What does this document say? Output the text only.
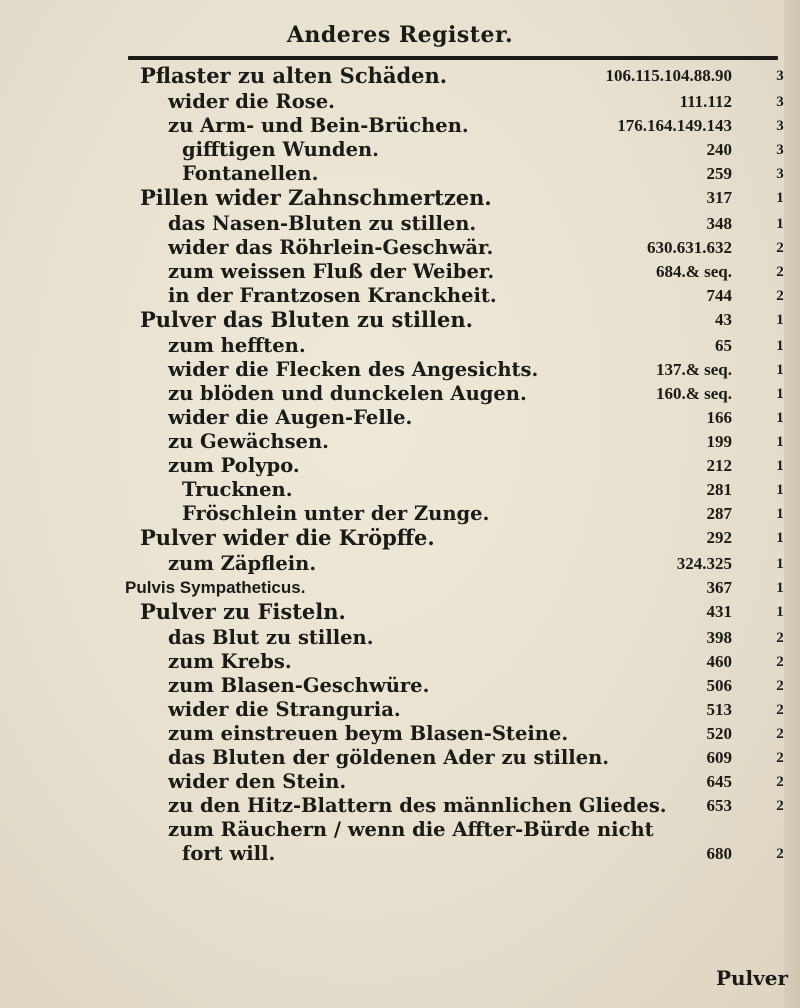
Anderes Register.
Pflaster zu alten Schäden.	106.115.104.88.90	3
wider die Rose.	111.112	3
zu Arm- und Bein-Brüchen.	176.164.149.143	3
gifftigen Wunden.	240	3
Fontanellen.	259	3
Pillen wider Zahnschmertzen.	317	1
das Nasen-Bluten zu stillen.	348	1
wider das Röhrlein-Geschwär.	630.631.632	2
zum weissen Fluß der Weiber.	684.& seq.	2
in der Frantzosen Kranckheit.	744	2
Pulver das Bluten zu stillen.	43	1
zum hefften.	65	1
wider die Flecken des Angesichts.	137.& seq.	1
zu blöden und dunckelen Augen.	160.& seq.	1
wider die Augen-Felle.	166	1
zu Gewächsen.	199	1
zum Polypo.	212	1
Trucknen.	281	1
Fröschlein unter der Zunge.	287	1
Pulver wider die Kröpffe.	292	1
zum Zäpflein.	324.325	1
Pulvis Sympatheticus.	367	1
Pulver zu Fisteln.	431	1
das Blut zu stillen.	398	2
zum Krebs.	460	2
zum Blasen-Geschwüre.	506	2
wider die Stranguria.	513	2
zum einstreuen beym Blasen-Steine.	520	2
das Bluten der göldenen Ader zu stillen.	609	2
wider den Stein.	645	2
zu den Hitz-Blattern des männlichen Gliedes. 653	2
zum Räuchern / wenn die Affter-Bürde nicht
fort will.	680	2
Pulver
